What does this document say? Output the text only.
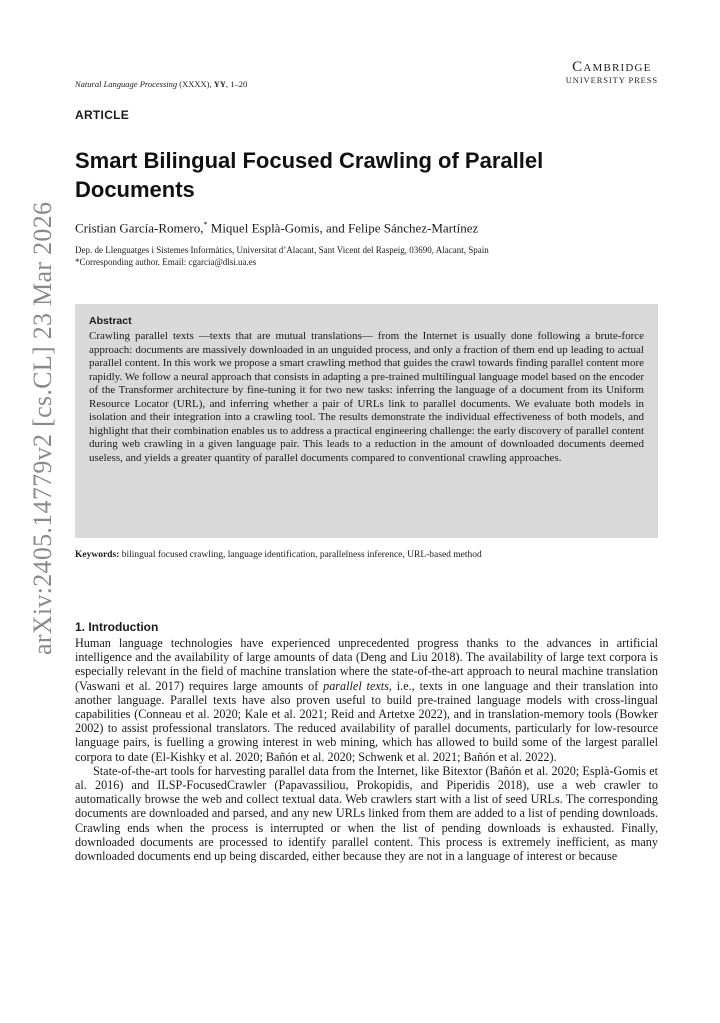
arXiv:2405.14779v2 [cs.CL] 23 Mar 2026
Natural Language Processing (XXXX), YY, 1–20
Cambridge
UNIVERSITY PRESS
ARTICLE
Smart Bilingual Focused Crawling of Parallel Documents
Cristian García-Romero,* Miquel Esplà-Gomis, and Felipe Sánchez-Martínez
Dep. de Llenguatges i Sistemes Informàtics, Universitat d’Alacant, Sant Vicent del Raspeig, 03690, Alacant, Spain
*Corresponding author. Email: cgarcia@dlsi.ua.es
Abstract
Crawling parallel texts —texts that are mutual translations— from the Internet is usually done following a brute-force approach: documents are massively downloaded in an unguided process, and only a fraction of them end up leading to actual parallel content. In this work we propose a smart crawling method that guides the crawl towards finding parallel content more rapidly. We follow a neural approach that consists in adapting a pre-trained multilingual language model based on the encoder of the Transformer architecture by fine-tuning it for two new tasks: inferring the language of a document from its Uniform Resource Locator (URL), and inferring whether a pair of URLs link to parallel documents. We evaluate both models in isolation and their integration into a crawling tool. The results demonstrate the individual effectiveness of both models, and highlight that their combination enables us to address a practical engineering challenge: the early discovery of parallel content during web crawling in a given language pair. This leads to a reduction in the amount of downloaded documents deemed useless, and yields a greater quantity of parallel documents compared to conventional crawling approaches.
Keywords: bilingual focused crawling, language identification, parallelness inference, URL-based method
1. Introduction

Human language technologies have experienced unprecedented progress thanks to the advances in artificial intelligence and the availability of large amounts of data (Deng and Liu 2018). The availability of large text corpora is especially relevant in the field of machine translation where the state-of-the-art approach to neural machine translation (Vaswani et al. 2017) requires large amounts of parallel texts, i.e., texts in one language and their translation into another language. Parallel texts have also proven useful to build pre-trained language models with cross-lingual capabilities (Conneau et al. 2020; Kale et al. 2021; Reid and Artetxe 2022), and in translation-memory tools (Bowker 2002) to assist professional translators. The reduced availability of parallel documents, particularly for low-resource language pairs, is fuelling a growing interest in web mining, which has allowed to build some of the largest parallel corpora to date (El-Kishky et al. 2020; Bañón et al. 2020; Schwenk et al. 2021; Bañón et al. 2022).

State-of-the-art tools for harvesting parallel data from the Internet, like Bitextor (Bañón et al. 2020; Esplà-Gomis et al. 2016) and ILSP-FocusedCrawler (Papavassiliou, Prokopidis, and Piperidis 2018), use a web crawler to automatically browse the web and collect textual data. Web crawlers start with a list of seed URLs. The corresponding documents are downloaded and parsed, and any new URLs linked from them are added to a list of pending downloads. Crawling ends when the process is interrupted or when the list of pending downloads is exhausted. Finally, downloaded documents are processed to identify parallel content. This process is extremely inefficient, as many downloaded documents end up being discarded, either because they are not in a language of interest or because
